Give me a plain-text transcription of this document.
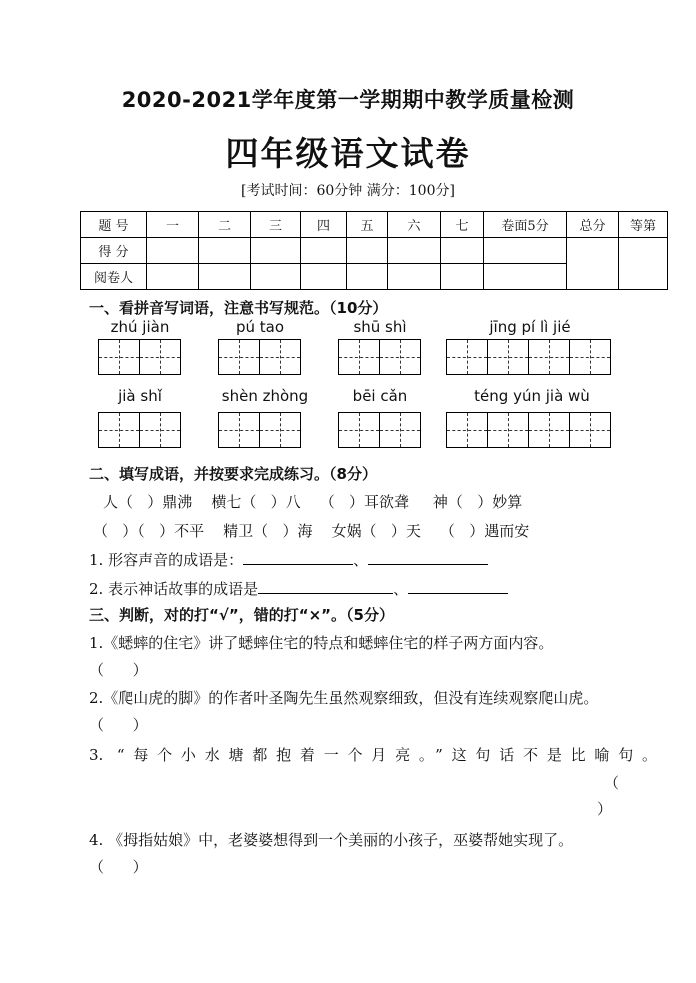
2020-2021学年度第一学期期中教学质量检测
四年级语文试卷
[考试时间：60分钟 满分：100分]
题 号	一	二	三	四	五	六	七	卷面5分	总分	等第
得 分										
阅卷人										
一、看拼音写词语，注意书写规范。（10分）
zhú jiàn	pú tao	shū shì	jīng pí lì jié
jià shǐ	shèn zhòng	bēi cǎn	téng yún jià wù
二、填写成语，并按要求完成练习。（8分）
人（   ）鼎沸    横七（   ）八    （   ）耳欲聋     神（   ）妙算
（   ）（   ）不平    精卫（   ）海    女娲（   ）天    （   ）遇而安
1. 形容声音的成语是：	、
2. 表示神话故事的成语是	、
三、判断，对的打“√”，错的打“×”。（5分）
1.《蟋蟀的住宅》讲了蟋蟀住宅的特点和蟋蟀住宅的样子两方面内容。
（      ）
2.《爬山虎的脚》的作者叶圣陶先生虽然观察细致，但没有连续观察爬山虎。
（      ）
3. “每个小水塘都抱着一个月亮。”这句话不是比喻句。
（
）
4. 《拇指姑娘》中，老婆婆想得到一个美丽的小孩子，巫婆帮她实现了。
（      ）
